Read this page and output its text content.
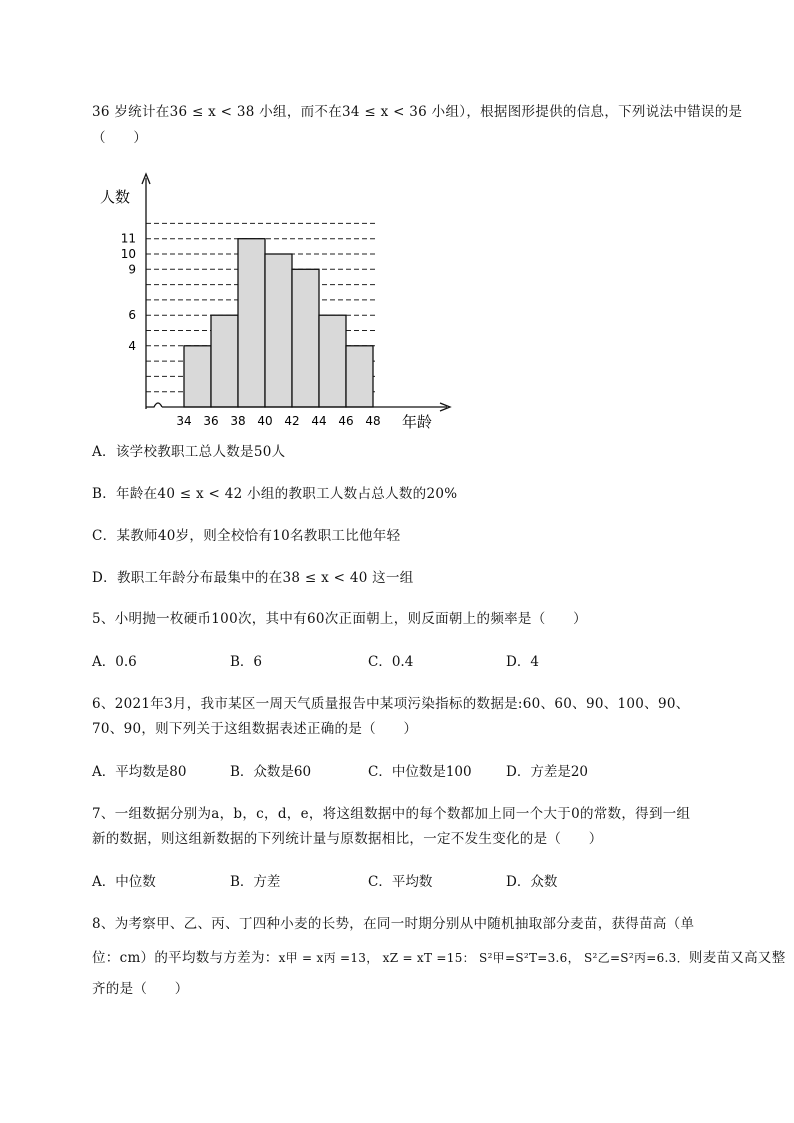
36 岁统计在36 ≤ x < 38 小组，而不在34 ≤ x < 36 小组），根据图形提供的信息，下列说法中错误的是
（　　）
4
6
9
10
11
34 36 38 40 42 44 46 48
人数
年龄
A．该学校教职工总人数是50人
B．年龄在40 ≤ x < 42 小组的教职工人数占总人数的20%
C．某教师40岁，则全校恰有10名教职工比他年轻
D．教职工年龄分布最集中的在38 ≤ x < 40 这一组
5、小明抛一枚硬币100次，其中有60次正面朝上，则反面朝上的频率是（　　）
A．0.6	B．6	C．0.4	D．4
6、2021年3月，我市某区一周天气质量报告中某项污染指标的数据是:60、60、90、100、90、
70、90，则下列关于这组数据表述正确的是（　　）
A．平均数是80	B．众数是60	C．中位数是100	D．方差是20
7、一组数据分别为a，b，c，d，e，将这组数据中的每个数都加上同一个大于0的常数，得到一组
新的数据，则这组新数据的下列统计量与原数据相比，一定不发生变化的是（　　）
A．中位数	B．方差	C．平均数	D．众数
8、为考察甲、乙、丙、丁四种小麦的长势，在同一时期分别从中随机抽取部分麦苗，获得苗高（单
位：cm）的平均数与方差为：x甲 = x丙 =13， xZ = xT =15： S²甲=S²T=3.6， S²乙=S²丙=6.3．则麦苗又高又整
齐的是（　　）
